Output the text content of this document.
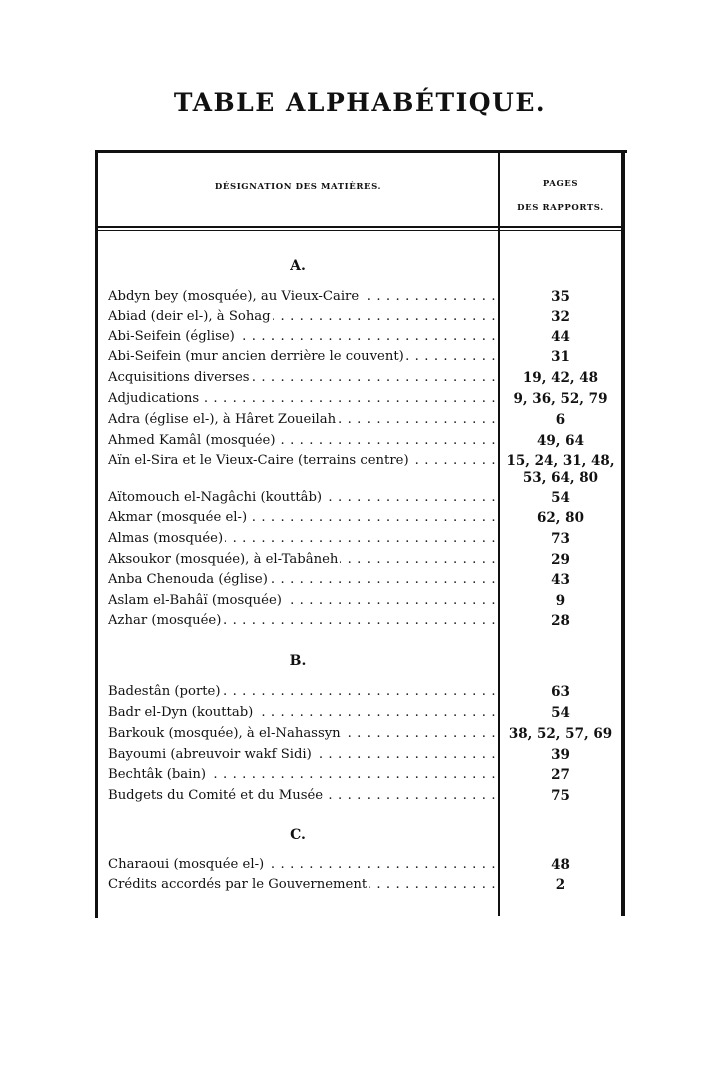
TABLE ALPHABÉTIQUE.
DÉSIGNATION DES MATIÈRES.	PAGES
DES RAPPORTS.
A.
Abdyn bey (mosquée), au Vieux-Caire . . .	35
Abiad (deir el-), à Sohag . . .	32
Abi-Seifein (église) . . .	44
Abi-Seifein (mur ancien derrière le couvent) . . .	31
Acquisitions diverses . . .	19, 42, 48
Adjudications . . .	9, 36, 52, 79
Adra (église el-), à Hâret Zoueilah . . .	6
Ahmed Kamâl (mosquée) . . .	49, 64
Aïn el-Sira et le Vieux-Caire (terrains centre) . . .	15, 24, 31, 48,
53, 64, 80
Aïtomouch el-Nagâchi (kouttâb) . . .	54
Akmar (mosquée el-) . . .	62, 80
Almas (mosquée) . . .	73
Aksoukor (mosquée), à el-Tabâneh . . .	29
Anba Chenouda (église) . . .	43
Aslam el-Bahâï (mosquée) . . .	9
Azhar (mosquée) . . .	28
B.
Badestân (porte) . . .	63
Badr el-Dyn (kouttab) . . .	54
Barkouk (mosquée), à el-Nahassyn . . .	38, 52, 57, 69
Bayoumi (abreuvoir wakf Sidi) . . .	39
Bechtâk (bain) . . .	27
Budgets du Comité et du Musée . . .	75
C.
Charaoui (mosquée el-) . . .	48
Crédits accordés par le Gouvernement . . .	2
